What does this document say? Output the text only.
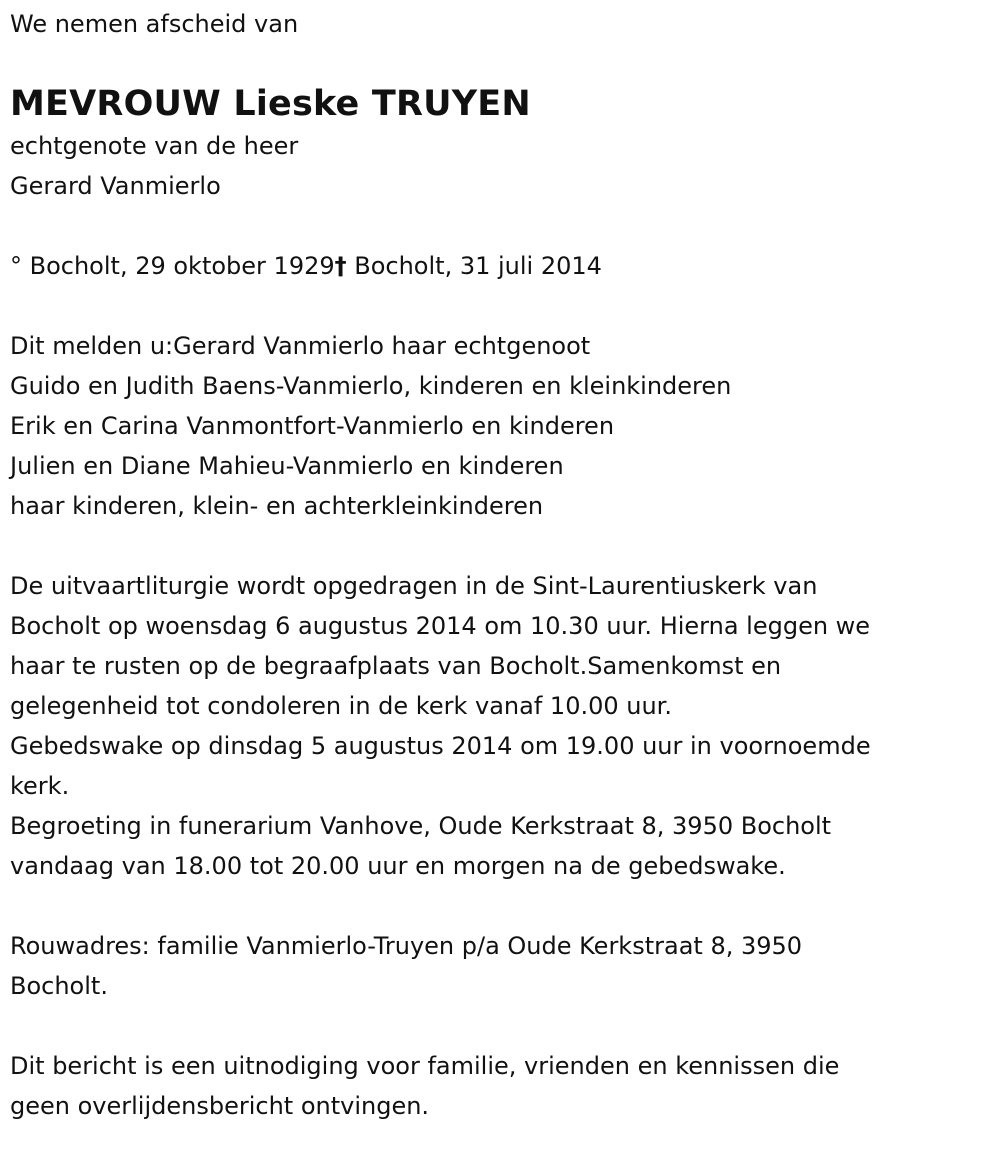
We nemen afscheid van
MEVROUW Lieske TRUYEN
echtgenote van de heer
Gerard Vanmierlo
° Bocholt, 29 oktober 1929† Bocholt, 31 juli 2014
Dit melden u:Gerard Vanmierlo haar echtgenoot
Guido en Judith Baens-Vanmierlo, kinderen en kleinkinderen
Erik en Carina Vanmontfort-Vanmierlo en kinderen
Julien en Diane Mahieu-Vanmierlo en kinderen
haar kinderen, klein- en achterkleinkinderen
De uitvaartliturgie wordt opgedragen in de Sint-Laurentiuskerk van
Bocholt op woensdag 6 augustus 2014 om 10.30 uur. Hierna leggen we
haar te rusten op de begraafplaats van Bocholt.Samenkomst en
gelegenheid tot condoleren in de kerk vanaf 10.00 uur.
Gebedswake op dinsdag 5 augustus 2014 om 19.00 uur in voornoemde
kerk.
Begroeting in funerarium Vanhove, Oude Kerkstraat 8, 3950 Bocholt
vandaag van 18.00 tot 20.00 uur en morgen na de gebedswake.
Rouwadres: familie Vanmierlo-Truyen p/a Oude Kerkstraat 8, 3950
Bocholt.
Dit bericht is een uitnodiging voor familie, vrienden en kennissen die
geen overlijdensbericht ontvingen.
